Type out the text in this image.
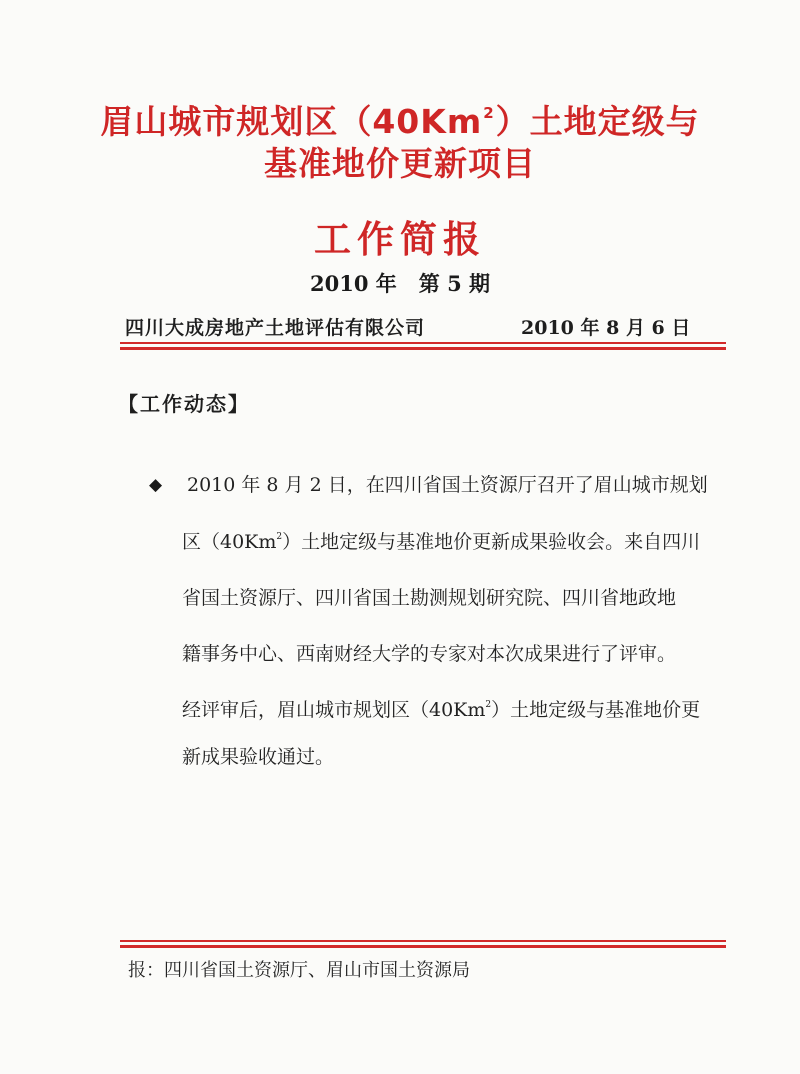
眉山城市规划区（40Km$^2$）土地定级与
基准地价更新项目
工作简报
2010 年 第 5 期
四川大成房地产土地评估有限公司	2010 年 8 月 6 日
【工作动态】
◆ 2010 年 8 月 2 日，在四川省国土资源厅召开了眉山城市规划
区（40Km$^2$）土地定级与基准地价更新成果验收会。来自四川
省国土资源厅、四川省国土勘测规划研究院、四川省地政地
籍事务中心、西南财经大学的专家对本次成果进行了评审。
经评审后，眉山城市规划区（40Km$^2$）土地定级与基准地价更
新成果验收通过。
报：四川省国土资源厅、眉山市国土资源局
